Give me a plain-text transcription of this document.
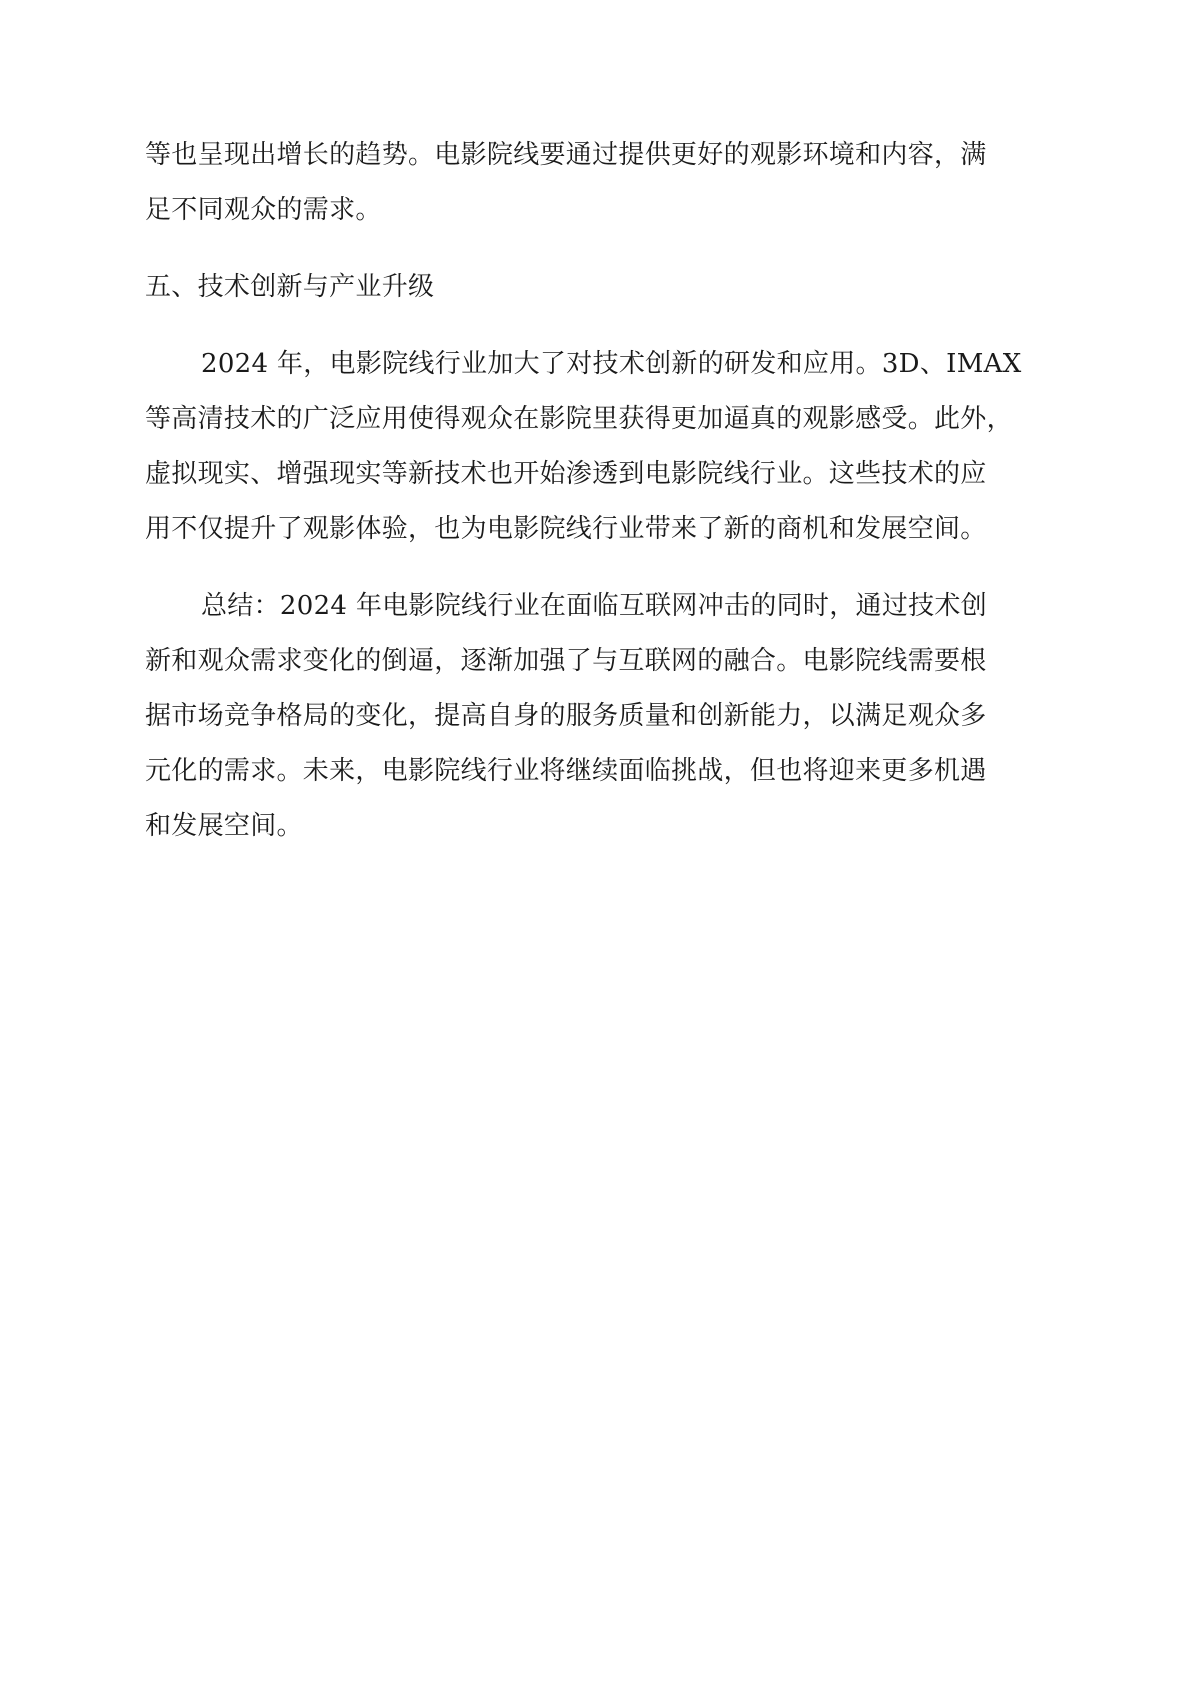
等也呈现出增长的趋势。电影院线要通过提供更好的观影环境和内容，满
足不同观众的需求。
五、技术创新与产业升级
2024 年，电影院线行业加大了对技术创新的研发和应用。3D、IMAX
等高清技术的广泛应用使得观众在影院里获得更加逼真的观影感受。此外，
虚拟现实、增强现实等新技术也开始渗透到电影院线行业。这些技术的应
用不仅提升了观影体验，也为电影院线行业带来了新的商机和发展空间。
总结：2024 年电影院线行业在面临互联网冲击的同时，通过技术创
新和观众需求变化的倒逼，逐渐加强了与互联网的融合。电影院线需要根
据市场竞争格局的变化，提高自身的服务质量和创新能力，以满足观众多
元化的需求。未来，电影院线行业将继续面临挑战，但也将迎来更多机遇
和发展空间。
